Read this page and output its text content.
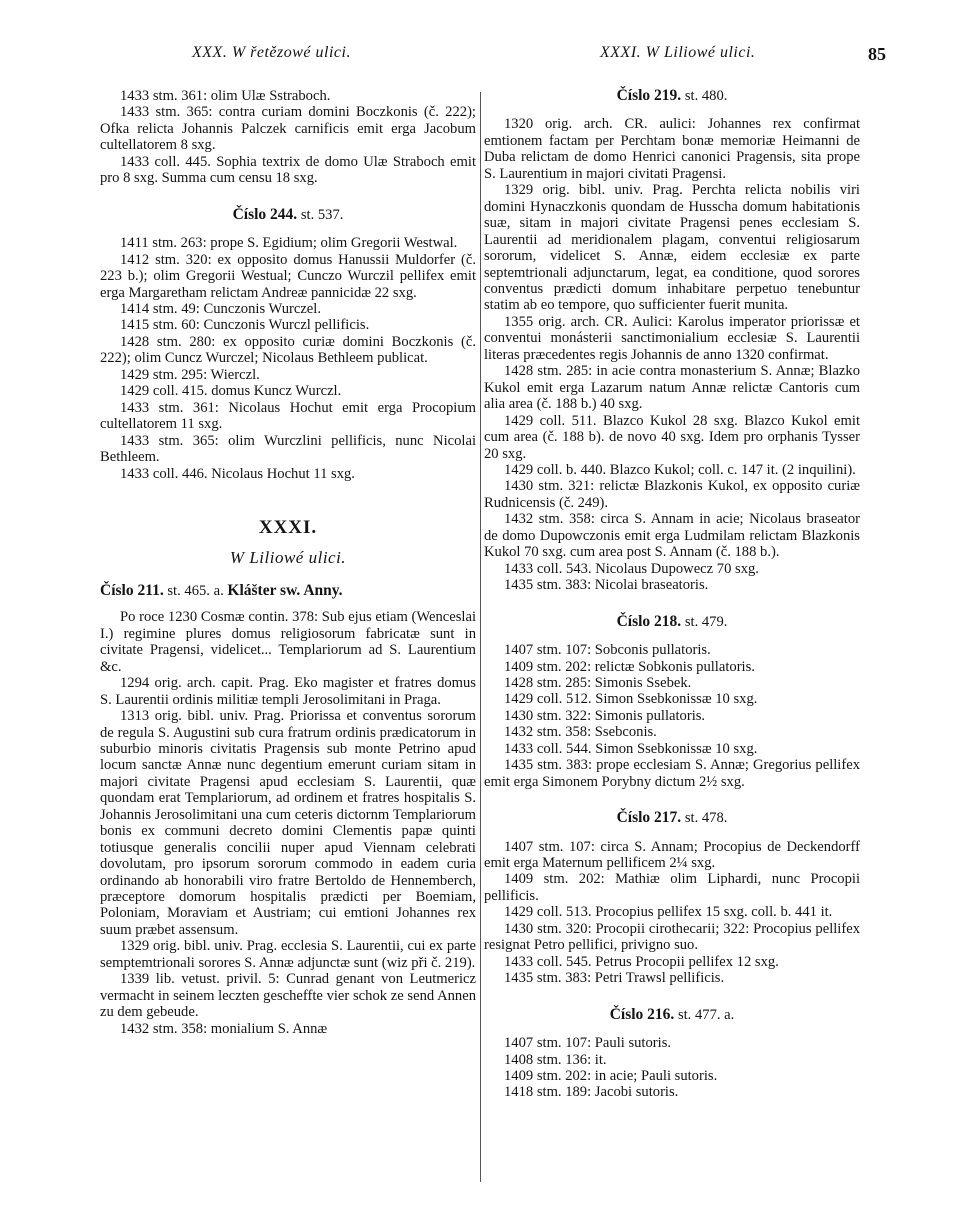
XXX. W řetězowé ulici.	XXXI. W Liliowé ulici.	85
1433 stm. 361: olim Ulæ Sstraboch.
1433 stm. 365: contra curiam domini Boczkonis (č. 222); Ofka relicta Johannis Palczek carnificis emit erga Jacobum cultellatorem 8 sxg.
1433 coll. 445. Sophia textrix de domo Ulæ Straboch emit pro 8 sxg. Summa cum censu 18 sxg.
Číslo 244. st. 537.
1411 stm. 263: prope S. Egidium; olim Gregorii Westwal.
1412 stm. 320: ex opposito domus Hanussii Muldorfer (č. 223 b.); olim Gregorii Westual; Cunczo Wurczil pellifex emit erga Margaretham relictam Andreæ pannicidæ 22 sxg.
1414 stm. 49: Cunczonis Wurczel.
1415 stm. 60: Cunczonis Wurczl pellificis.
1428 stm. 280: ex opposito curiæ domini Boczkonis (č. 222); olim Cuncz Wurczel; Nicolaus Bethleem publicat.
1429 stm. 295: Wierczl.
1429 coll. 415. domus Kuncz Wurczl.
1433 stm. 361: Nicolaus Hochut emit erga Procopium cultellatorem 11 sxg.
1433 stm. 365: olim Wurczlini pellificis, nunc Nicolai Bethleem.
1433 coll. 446. Nicolaus Hochut 11 sxg.
XXXI.
W Liliowé ulici.
Číslo 211. st. 465. a. Klášter sw. Anny.
Po roce 1230 Cosmæ contin. 378: Sub ejus etiam (Wenceslai I.) regimine plures domus religiosorum fabricatæ sunt in civitate Pragensi, videlicet... Templariorum ad S. Laurentium &c.
1294 orig. arch. capit. Prag. Eko magister et fratres domus S. Laurentii ordinis militiæ templi Jerosolimitani in Praga.
1313 orig. bibl. univ. Prag. Priorissa et conventus sororum de regula S. Augustini sub cura fratrum ordinis prædicatorum in suburbio minoris civitatis Pragensis sub monte Petrino apud locum sanctæ Annæ nunc degentium emerunt curiam sitam in majori civitate Pragensi apud ecclesiam S. Laurentii, quæ quondam erat Templariorum, ad ordinem et fratres hospitalis S. Johannis Jerosolimitani una cum ceteris dictornm Templariorum bonis ex communi decreto domini Clementis papæ quinti totiusque generalis concilii nuper apud Viennam celebrati dovolutam, pro ipsorum sororum commodo in eadem curia ordinando ab honorabili viro fratre Bertoldo de Hennemberch, præceptore domorum hospitalis prædicti per Boemiam, Poloniam, Moraviam et Austriam; cui emtioni Johannes rex suum præbet assensum.
1329 orig. bibl. univ. Prag. ecclesia S. Laurentii, cui ex parte semptemtrionali sorores S. Annæ adjunctæ sunt (wiz při č. 219).
1339 lib. vetust. privil. 5: Cunrad genant von Leutmericz vermacht in seinem leczten gescheffte vier schok ze send Annen zu dem gebeude.
1432 stm. 358: monialium S. Annæ
Číslo 219. st. 480.
1320 orig. arch. CR. aulici: Johannes rex confirmat emtionem factam per Perchtam bonæ memoriæ Heimanni de Duba relictam de domo Henrici canonici Pragensis, sita prope S. Laurentium in majori civitati Pragensi.
1329 orig. bibl. univ. Prag. Perchta relicta nobilis viri domini Hynaczkonis quondam de Husscha domum habitationis suæ, sitam in majori civitate Pragensi penes ecclesiam S. Laurentii ad meridionalem plagam, conventui religiosarum sororum, videlicet S. Annæ, eidem ecclesiæ ex parte septemtrionali adjunctarum, legat, ea conditione, quod sorores conventus prædicti domum inhabitare perpetuo tenebuntur statim ab eo tempore, quo sufficienter fuerit munita.
1355 orig. arch. CR. Aulici: Karolus imperator priorissæ et conventui monásterii sanctimonialium ecclesiæ S. Laurentii literas præcedentes regis Johannis de anno 1320 confirmat.
1428 stm. 285: in acie contra monasterium S. Annæ; Blazko Kukol emit erga Lazarum natum Annæ relictæ Cantoris cum alia area (č. 188 b.) 40 sxg.
1429 coll. 511. Blazco Kukol 28 sxg. Blazco Kukol emit cum area (č. 188 b). de novo 40 sxg. Idem pro orphanis Tysser 20 sxg.
1429 coll. b. 440. Blazco Kukol; coll. c. 147 it. (2 inquilini).
1430 stm. 321: relictæ Blazkonis Kukol, ex opposito curiæ Rudnicensis (č. 249).
1432 stm. 358: circa S. Annam in acie; Nicolaus braseator de domo Dupowczonis emit erga Ludmilam relictam Blazkonis Kukol 70 sxg. cum area post S. Annam (č. 188 b.).
1433 coll. 543. Nicolaus Dupowecz 70 sxg.
1435 stm. 383: Nicolai braseatoris.
Číslo 218. st. 479.
1407 stm. 107: Sobconis pullatoris.
1409 stm. 202: relictæ Sobkonis pullatoris.
1428 stm. 285: Simonis Ssebek.
1429 coll. 512. Simon Ssebkonissæ 10 sxg.
1430 stm. 322: Simonis pullatoris.
1432 stm. 358: Ssebconis.
1433 coll. 544. Simon Ssebkonissæ 10 sxg.
1435 stm. 383: prope ecclesiam S. Annæ; Gregorius pellifex emit erga Simonem Porybny dictum 2½ sxg.
Číslo 217. st. 478.
1407 stm. 107: circa S. Annam; Procopius de Deckendorff emit erga Maternum pellificem 2¼ sxg.
1409 stm. 202: Mathiæ olim Liphardi, nunc Procopii pellificis.
1429 coll. 513. Procopius pellifex 15 sxg. coll. b. 441 it.
1430 stm. 320: Procopii cirothecarii; 322: Procopius pellifex resignat Petro pellifici, privigno suo.
1433 coll. 545. Petrus Procopii pellifex 12 sxg.
1435 stm. 383: Petri Trawsl pellificis.
Číslo 216. st. 477. a.
1407 stm. 107: Pauli sutoris.
1408 stm. 136: it.
1409 stm. 202: in acie; Pauli sutoris.
1418 stm. 189: Jacobi sutoris.
